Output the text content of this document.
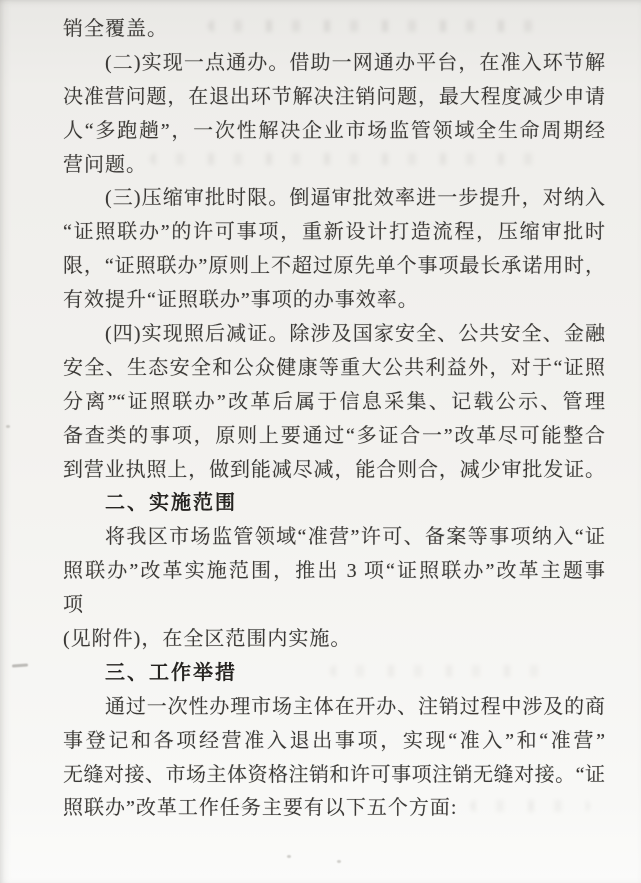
销全覆盖。
(二)实现一点通办。借助一网通办平台，在准入环节解
决准营问题，在退出环节解决注销问题，最大程度减少申请
人“多跑趟”，一次性解决企业市场监管领域全生命周期经
营问题。
(三)压缩审批时限。倒逼审批效率进一步提升，对纳入
“证照联办”的许可事项，重新设计打造流程，压缩审批时
限，“证照联办”原则上不超过原先单个事项最长承诺用时，
有效提升“证照联办”事项的办事效率。
(四)实现照后减证。除涉及国家安全、公共安全、金融
安全、生态安全和公众健康等重大公共利益外，对于“证照
分离”“证照联办”改革后属于信息采集、记载公示、管理
备查类的事项，原则上要通过“多证合一”改革尽可能整合
到营业执照上，做到能减尽减，能合则合，减少审批发证。
二、实施范围
将我区市场监管领域“准营”许可、备案等事项纳入“证
照联办”改革实施范围，推出 3 项“证照联办”改革主题事
项
(见附件)，在全区范围内实施。
三、工作举措
通过一次性办理市场主体在开办、注销过程中涉及的商
事登记和各项经营准入退出事项，实现“准入”和“准营”
无缝对接、市场主体资格注销和许可事项注销无缝对接。“证
照联办”改革工作任务主要有以下五个方面:
